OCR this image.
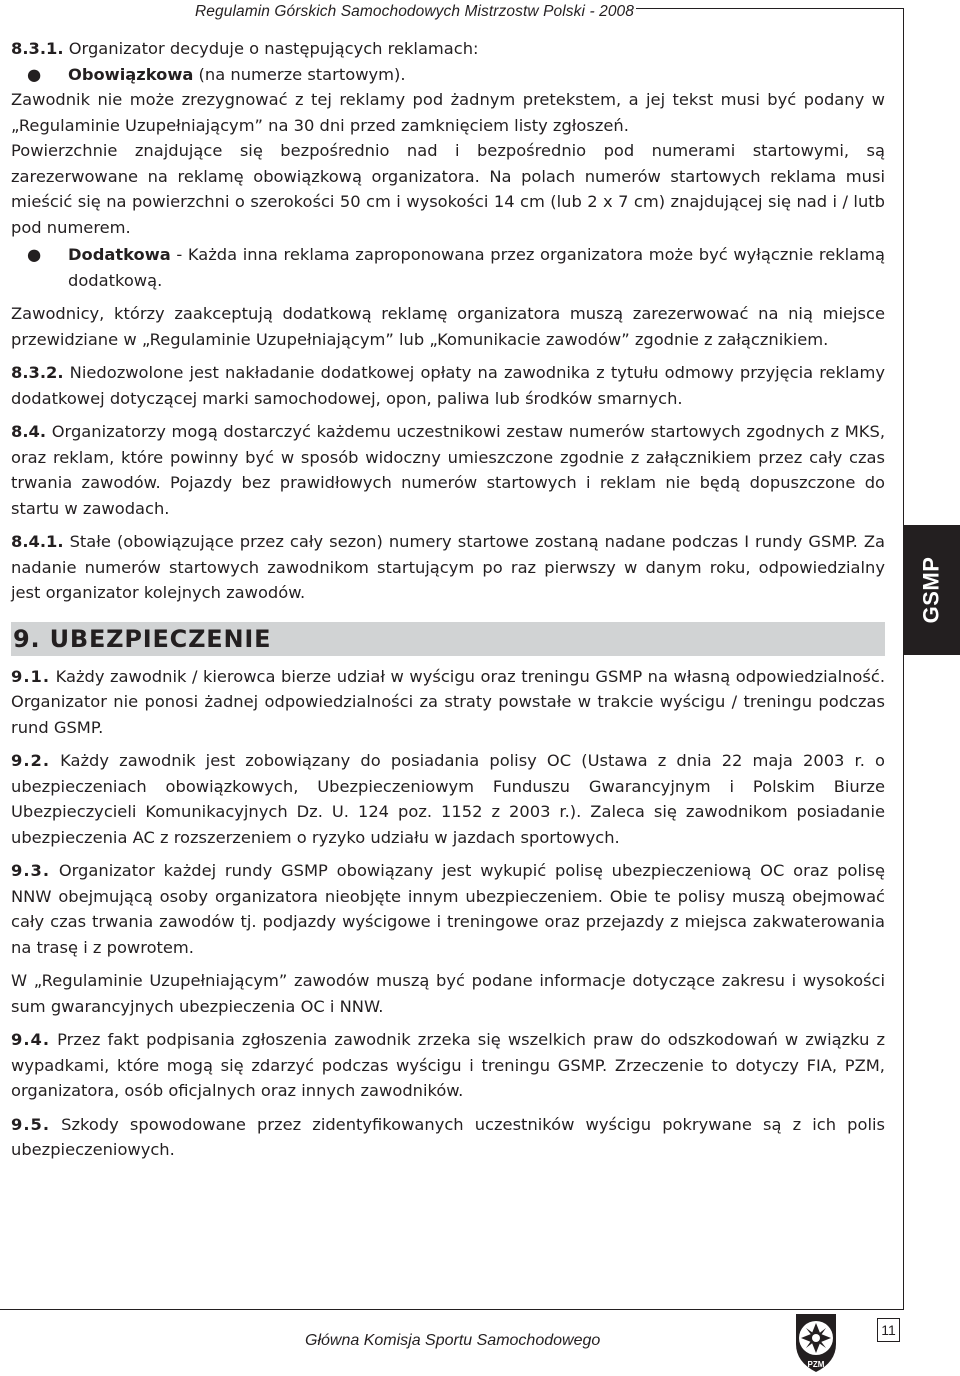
Regulamin Górskich Samochodowych Mistrzostw Polski - 2008
GSMP

8.3.1. Organizator decyduje o następujących reklamach:

●	Obowiązkowa (na numerze startowym).

Zawodnik nie może zrezygnować z tej reklamy pod żadnym pretekstem, a jej tekst musi być podany w „Regulaminie Uzupełniającym” na 30 dni przed zamknięciem listy zgłoszeń.

Powierzchnie znajdujące się bezpośrednio nad i bezpośrednio pod numerami startowymi, są zarezerwowane na reklamę obowiązkową organizatora. Na polach numerów startowych reklama musi mieścić się na powierzchni o szerokości 50 cm i wysokości 14 cm (lub 2 x 7 cm) znajdującej się nad i / lutb pod numerem.

●	Dodatkowa - Każda inna reklama zaproponowana przez organizatora może być wyłącznie reklamą dodatkową.

Zawodnicy, którzy zaakceptują dodatkową reklamę organizatora muszą zarezerwować na nią miejsce przewidziane w „Regulaminie Uzupełniającym” lub „Komunikacie zawodów” zgodnie z załącznikiem.

8.3.2. Niedozwolone jest nakładanie dodatkowej opłaty na zawodnika z tytułu odmowy przyjęcia reklamy dodatkowej dotyczącej marki samochodowej, opon, paliwa lub środków smarnych.

8.4. Organizatorzy mogą dostarczyć każdemu uczestnikowi zestaw numerów startowych zgodnych z MKS, oraz reklam, które powinny być w sposób widoczny umieszczone zgodnie z załącznikiem przez cały czas trwania zawodów. Pojazdy bez prawidłowych numerów startowych i reklam nie będą dopuszczone do startu w zawodach.

8.4.1. Stałe (obowiązujące przez cały sezon) numery startowe zostaną nadane podczas I rundy GSMP. Za nadanie numerów startowych zawodnikom startującym po raz pierwszy w danym roku, odpowiedzialny jest organizator kolejnych zawodów.

9. UBEZPIECZENIE

9.1. Każdy zawodnik / kierowca bierze udział w wyścigu oraz treningu GSMP na własną odpowiedzialność. Organizator nie ponosi żadnej odpowiedzialności za straty powstałe w trakcie wyścigu / treningu podczas rund GSMP.

9.2. Każdy zawodnik jest zobowiązany do posiadania polisy OC (Ustawa z dnia 22 maja 2003 r. o ubezpieczeniach obowiązkowych, Ubezpieczeniowym Funduszu Gwarancyjnym i Polskim Biurze Ubezpieczycieli Komunikacyjnych Dz. U. 124 poz. 1152 z 2003 r.). Zaleca się zawodnikom posiadanie ubezpieczenia AC z rozszerzeniem o ryzyko udziału w jazdach sportowych.

9.3. Organizator każdej rundy GSMP obowiązany jest wykupić polisę ubezpieczeniową OC oraz polisę NNW obejmującą osoby organizatora nieobjęte innym ubezpieczeniem. Obie te polisy muszą obejmować cały czas trwania zawodów tj. podjazdy wyścigowe i treningowe oraz przejazdy z miejsca zakwaterowania na trasę i z powrotem.

W „Regulaminie Uzupełniającym” zawodów muszą być podane informacje dotyczące zakresu i wysokości sum gwarancyjnych ubezpieczenia OC i NNW.

9.4. Przez fakt podpisania zgłoszenia zawodnik zrzeka się wszelkich praw do odszkodowań w związku z wypadkami, które mogą się zdarzyć podczas wyścigu i treningu GSMP. Zrzeczenie to dotyczy FIA, PZM, organizatora, osób oficjalnych oraz innych zawodników.

9.5. Szkody spowodowane przez zidentyfikowanych uczestników wyścigu pokrywane są z ich polis ubezpieczeniowych.

Główna Komisja Sportu Samochodowego
PZM
11
